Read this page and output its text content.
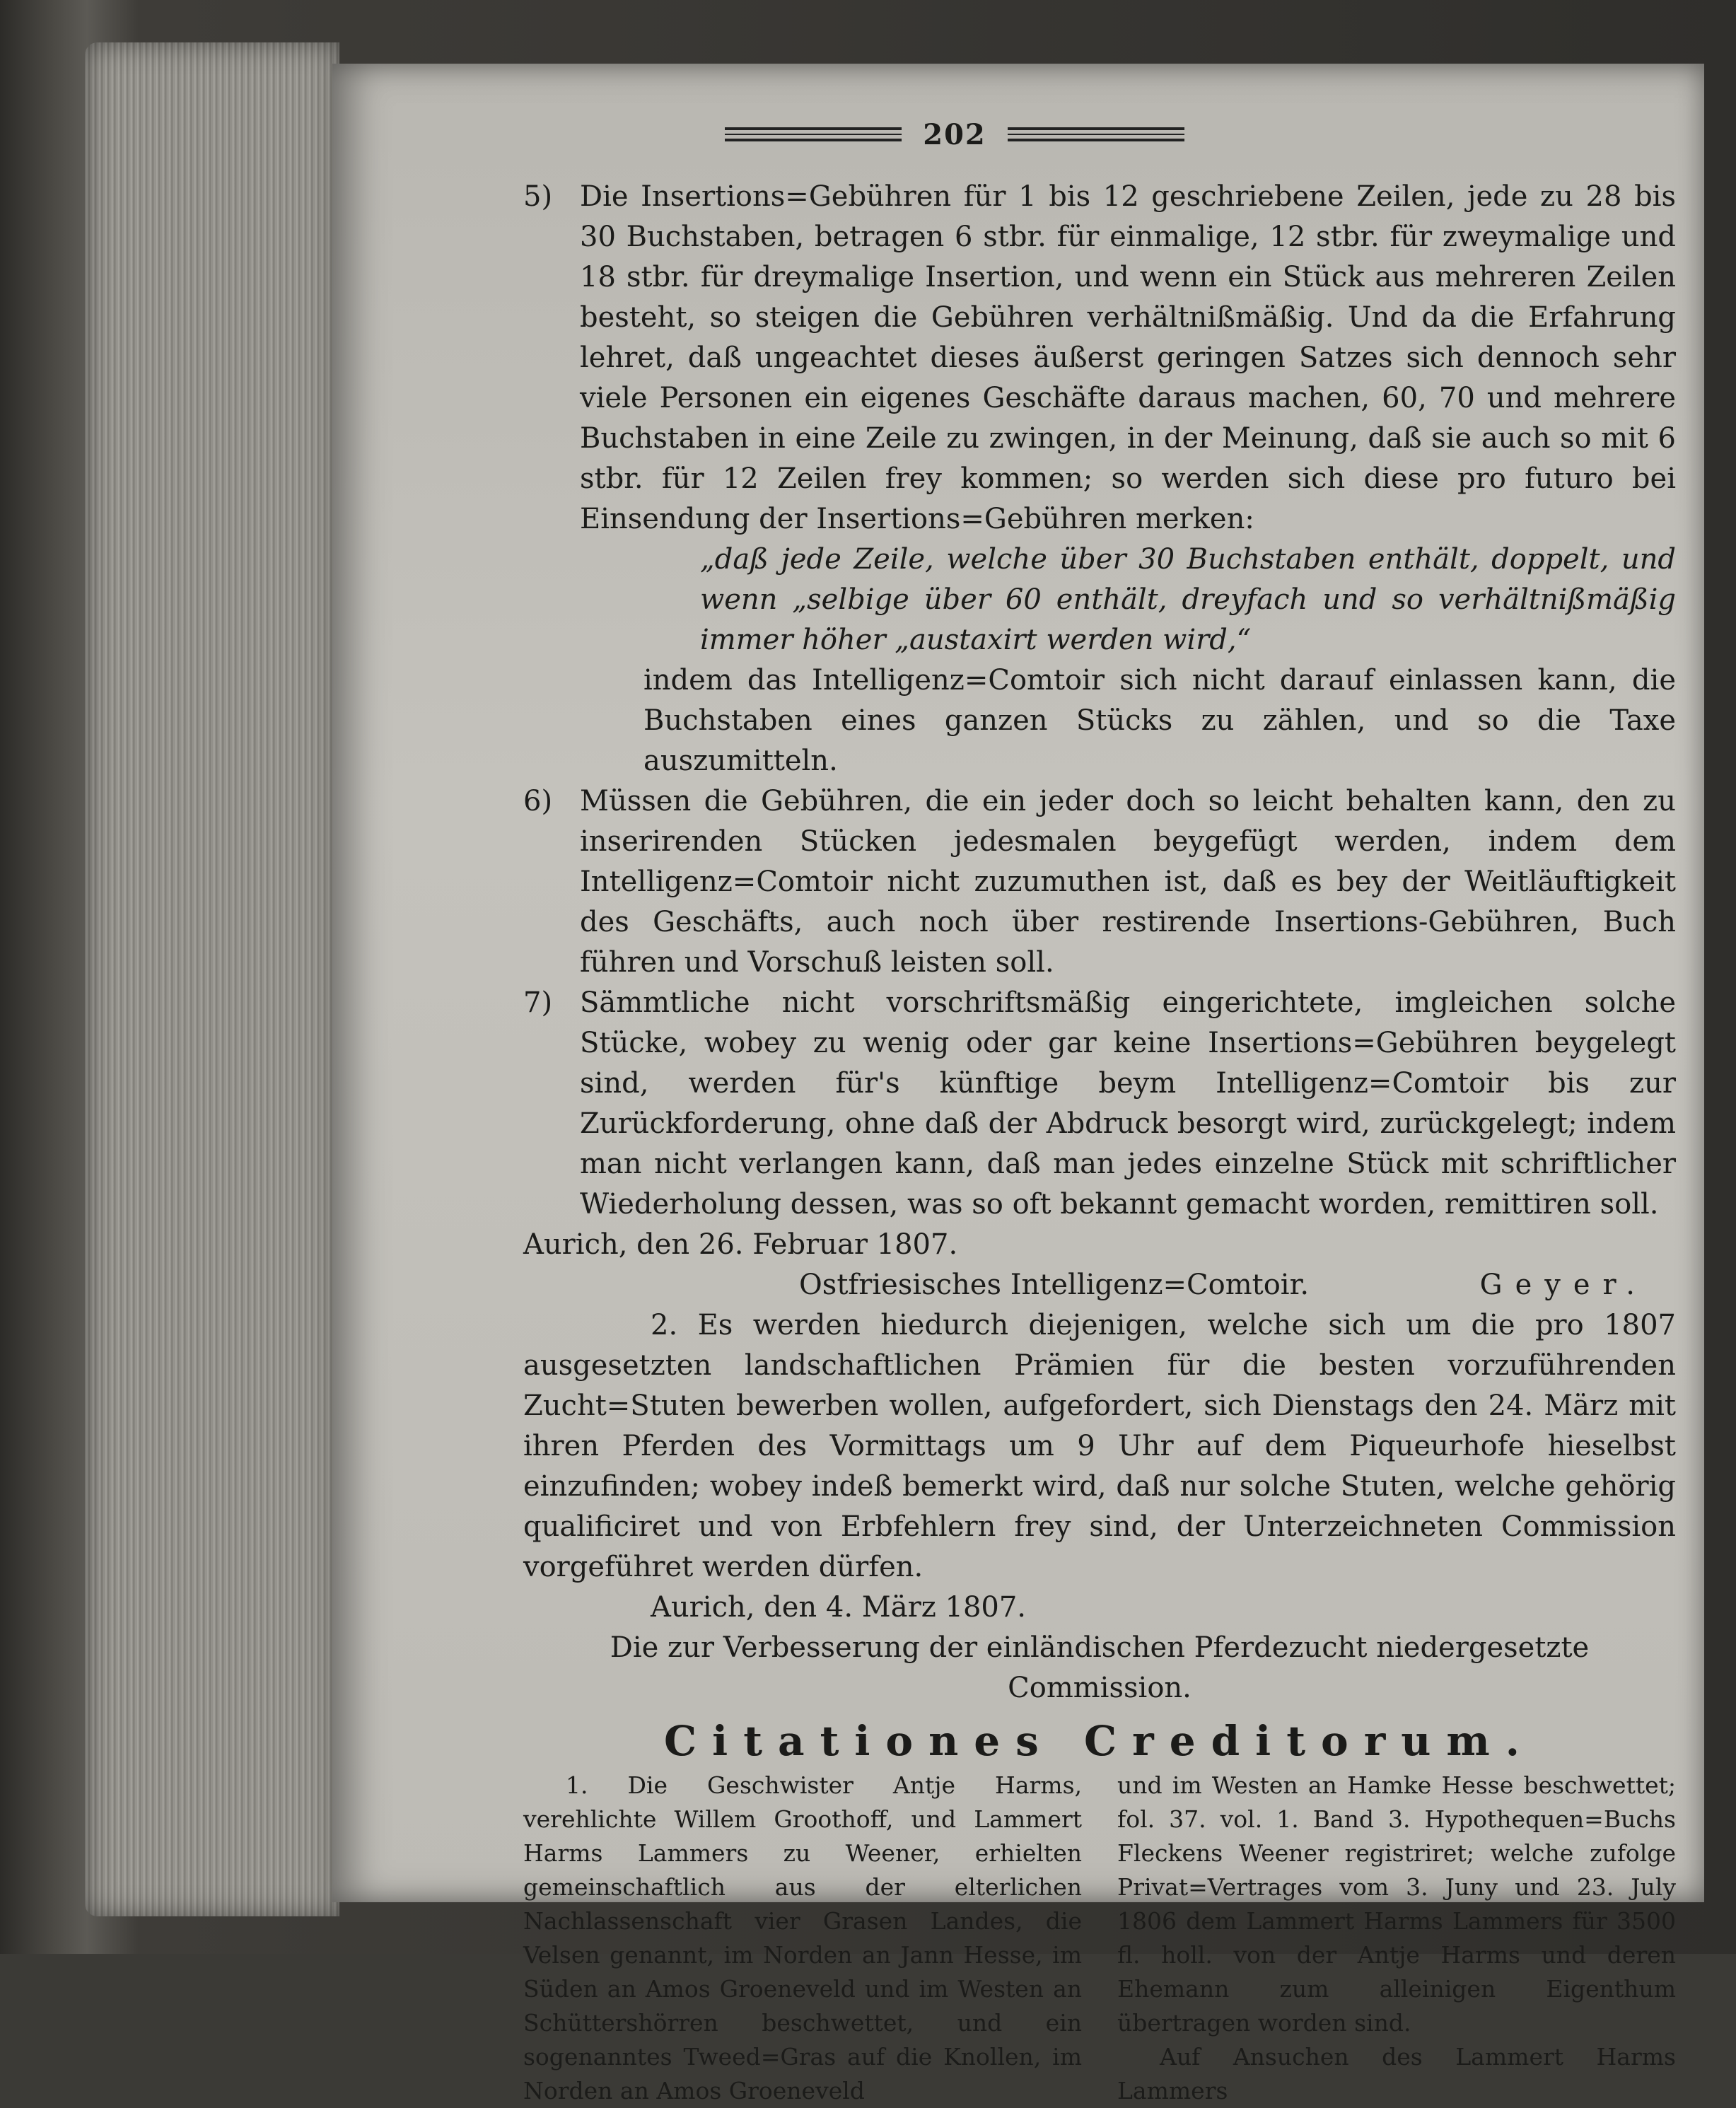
202
5) Die Insertions=Gebühren für 1 bis 12 geschriebene Zeilen, jede zu 28 bis 30 Buchstaben, betragen 6 stbr. für einmalige, 12 stbr. für zweymalige und 18 stbr. für dreymalige Insertion, und wenn ein Stück aus mehreren Zeilen besteht, so steigen die Gebühren verhältnißmäßig. Und da die Erfahrung lehret, daß ungeachtet dieses äußerst geringen Satzes sich dennoch sehr viele Personen ein eigenes Geschäfte daraus machen, 60, 70 und mehrere Buchstaben in eine Zeile zu zwingen, in der Meinung, daß sie auch so mit 6 stbr. für 12 Zeilen frey kommen; so werden sich diese pro futuro bei Einsendung der Insertions=Gebühren merken:

„daß jede Zeile, welche über 30 Buchstaben enthält, doppelt, und wenn „selbige über 60 enthält, dreyfach und so verhältnißmäßig immer höher „austaxirt werden wird,“

indem das Intelligenz=Comtoir sich nicht darauf einlassen kann, die Buchstaben eines ganzen Stücks zu zählen, und so die Taxe auszumitteln.
6) Müssen die Gebühren, die ein jeder doch so leicht behalten kann, den zu inserirenden Stücken jedesmalen beygefügt werden, indem dem Intelligenz=Comtoir nicht zuzumuthen ist, daß es bey der Weitläuftigkeit des Geschäfts, auch noch über restirende Insertions-Gebühren, Buch führen und Vorschuß leisten soll.
7) Sämmtliche nicht vorschriftsmäßig eingerichtete, imgleichen solche Stücke, wobey zu wenig oder gar keine Insertions=Gebühren beygelegt sind, werden für's künftige beym Intelligenz=Comtoir bis zur Zurückforderung, ohne daß der Abdruck besorgt wird, zurückgelegt; indem man nicht verlangen kann, daß man jedes einzelne Stück mit schriftlicher Wiederholung dessen, was so oft bekannt gemacht worden, remittiren soll.
Aurich, den 26. Februar 1807.
Ostfriesisches Intelligenz=Comtoir.	Geyer.

2. Es werden hiedurch diejenigen, welche sich um die pro 1807 ausgesetzten landschaftlichen Prämien für die besten vorzuführenden Zucht=Stuten bewerben wollen, aufgefordert, sich Dienstags den 24. März mit ihren Pferden des Vormittags um 9 Uhr auf dem Piqueurhofe hieselbst einzufinden; wobey indeß bemerkt wird, daß nur solche Stuten, welche gehörig qualificiret und von Erbfehlern frey sind, der Unterzeichneten Commission vorgeführet werden dürfen.

Aurich, den 4. März 1807.
Die zur Verbesserung der einländischen Pferdezucht niedergesetzte Commission.
Citationes Creditorum.

1. Die Geschwister Antje Harms, verehlichte Willem Groothoff, und Lammert Harms Lammers zu Weener, erhielten gemeinschaftlich aus der elterlichen Nachlassenschaft vier Grasen Landes, die Velsen genannt, im Norden an Jann Hesse, im Süden an Amos Groeneveld und im Westen an Schüttershörren beschwettet, und ein sogenanntes Tweed=Gras auf die Knollen, im Norden an Amos Groeneveld

und im Westen an Hamke Hesse beschwettet; fol. 37. vol. 1. Band 3. Hypothequen=Buchs Fleckens Weener registriret; welche zufolge Privat=Vertrages vom 3. Juny und 23. July 1806 dem Lammert Harms Lammers für 3500 fl. holl. von der Antje Harms und deren Ehemann zum alleinigen Eigenthum übertragen worden sind.

Auf Ansuchen des Lammert Harms Lammers
